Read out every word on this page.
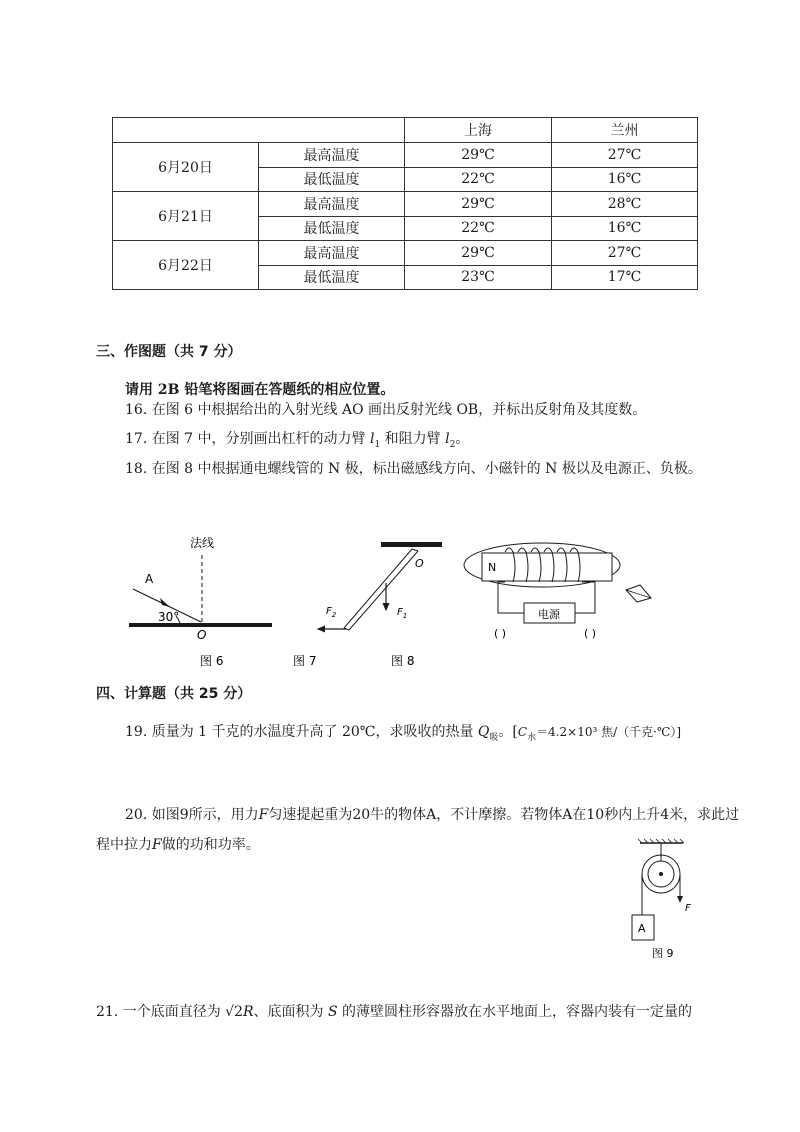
		上海	兰州
6月20日	最高温度	29℃	27℃
	最低温度	22℃	16℃
6月21日	最高温度	29℃	28℃
	最低温度	22℃	16℃
6月22日	最高温度	29℃	27℃
	最低温度	23℃	17℃
三、作图题（共 7 分）
请用 2B 铅笔将图画在答题纸的相应位置。
16. 在图 6 中根据给出的入射光线 AO 画出反射光线 OB，并标出反射角及其度数。
17. 在图 7 中，分别画出杠杆的动力臂 $l_1$ 和阻力臂 $l_2$。
18. 在图 8 中根据通电螺线管的 N 极，标出磁感线方向、小磁针的 N 极以及电源正、负极。
法线
A
30°
O
O
$F_1$
$F_2$
N
电源
( )	( )
图 6	图 7	图 8
四、计算题（共 25 分）
19. 质量为 1 千克的水温度升高了 20℃，求吸收的热量 $Q_吸$。[$C_水=4.2\times 10^3$ 焦/（千克·℃）]
20. 如图9所示，用力F匀速提起重为20牛的物体A，不计摩擦。若物体A在10秒内上升4米，求此过
程中拉力F做的功和功率。
F
A
图 9
21. 一个底面直径为 √2R、底面积为 S 的薄壁圆柱形容器放在水平地面上，容器内装有一定量的
